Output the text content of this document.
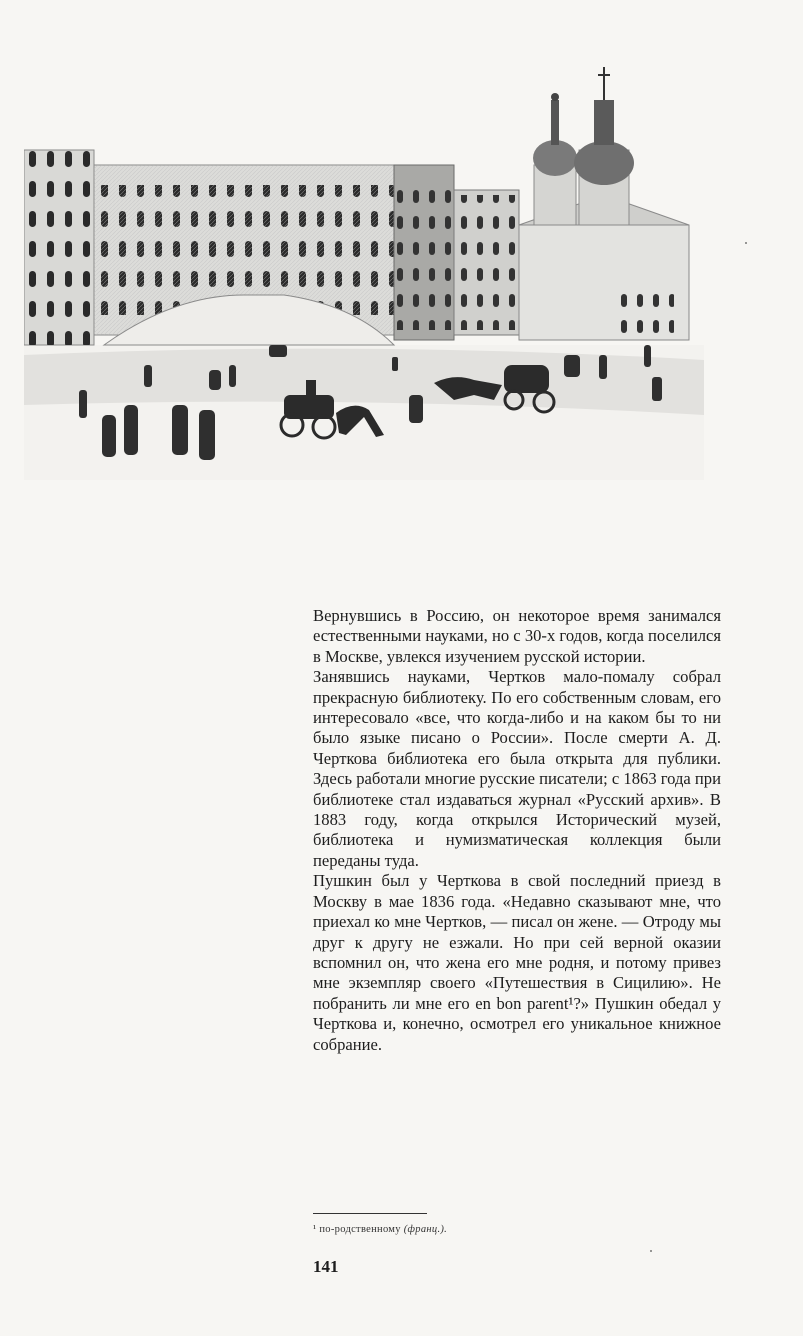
Вернувшись в Россию, он некоторое время занимался естественными науками, но с 30-х годов, когда поселился в Москве, увлекся изучением русской истории.

Занявшись науками, Чертков мало-помалу собрал прекрасную библиотеку. По его собственным словам, его интересовало «все, что когда-либо и на каком бы то ни было языке писано о России». После смерти А. Д. Черткова библиотека его была открыта для публики. Здесь работали многие русские писатели; с 1863 года при библиотеке стал издаваться журнал «Русский архив». В 1883 году, когда открылся Исторический музей, библиотека и нумизматическая коллекция были переданы туда.

Пушкин был у Черткова в свой последний приезд в Москву в мае 1836 года. «Недавно сказывают мне, что приехал ко мне Чертков, — писал он жене. — Отроду мы друг к другу не езжали. Но при сей верной оказии вспомнил он, что жена его мне родня, и потому привез мне экземпляр своего «Путешествия в Сицилию». Не побранить ли мне его en bon parent¹?» Пушкин обедал у Черткова и, конечно, осмотрел его уникальное книжное собрание.

¹ по-родственному (франц.).
141
